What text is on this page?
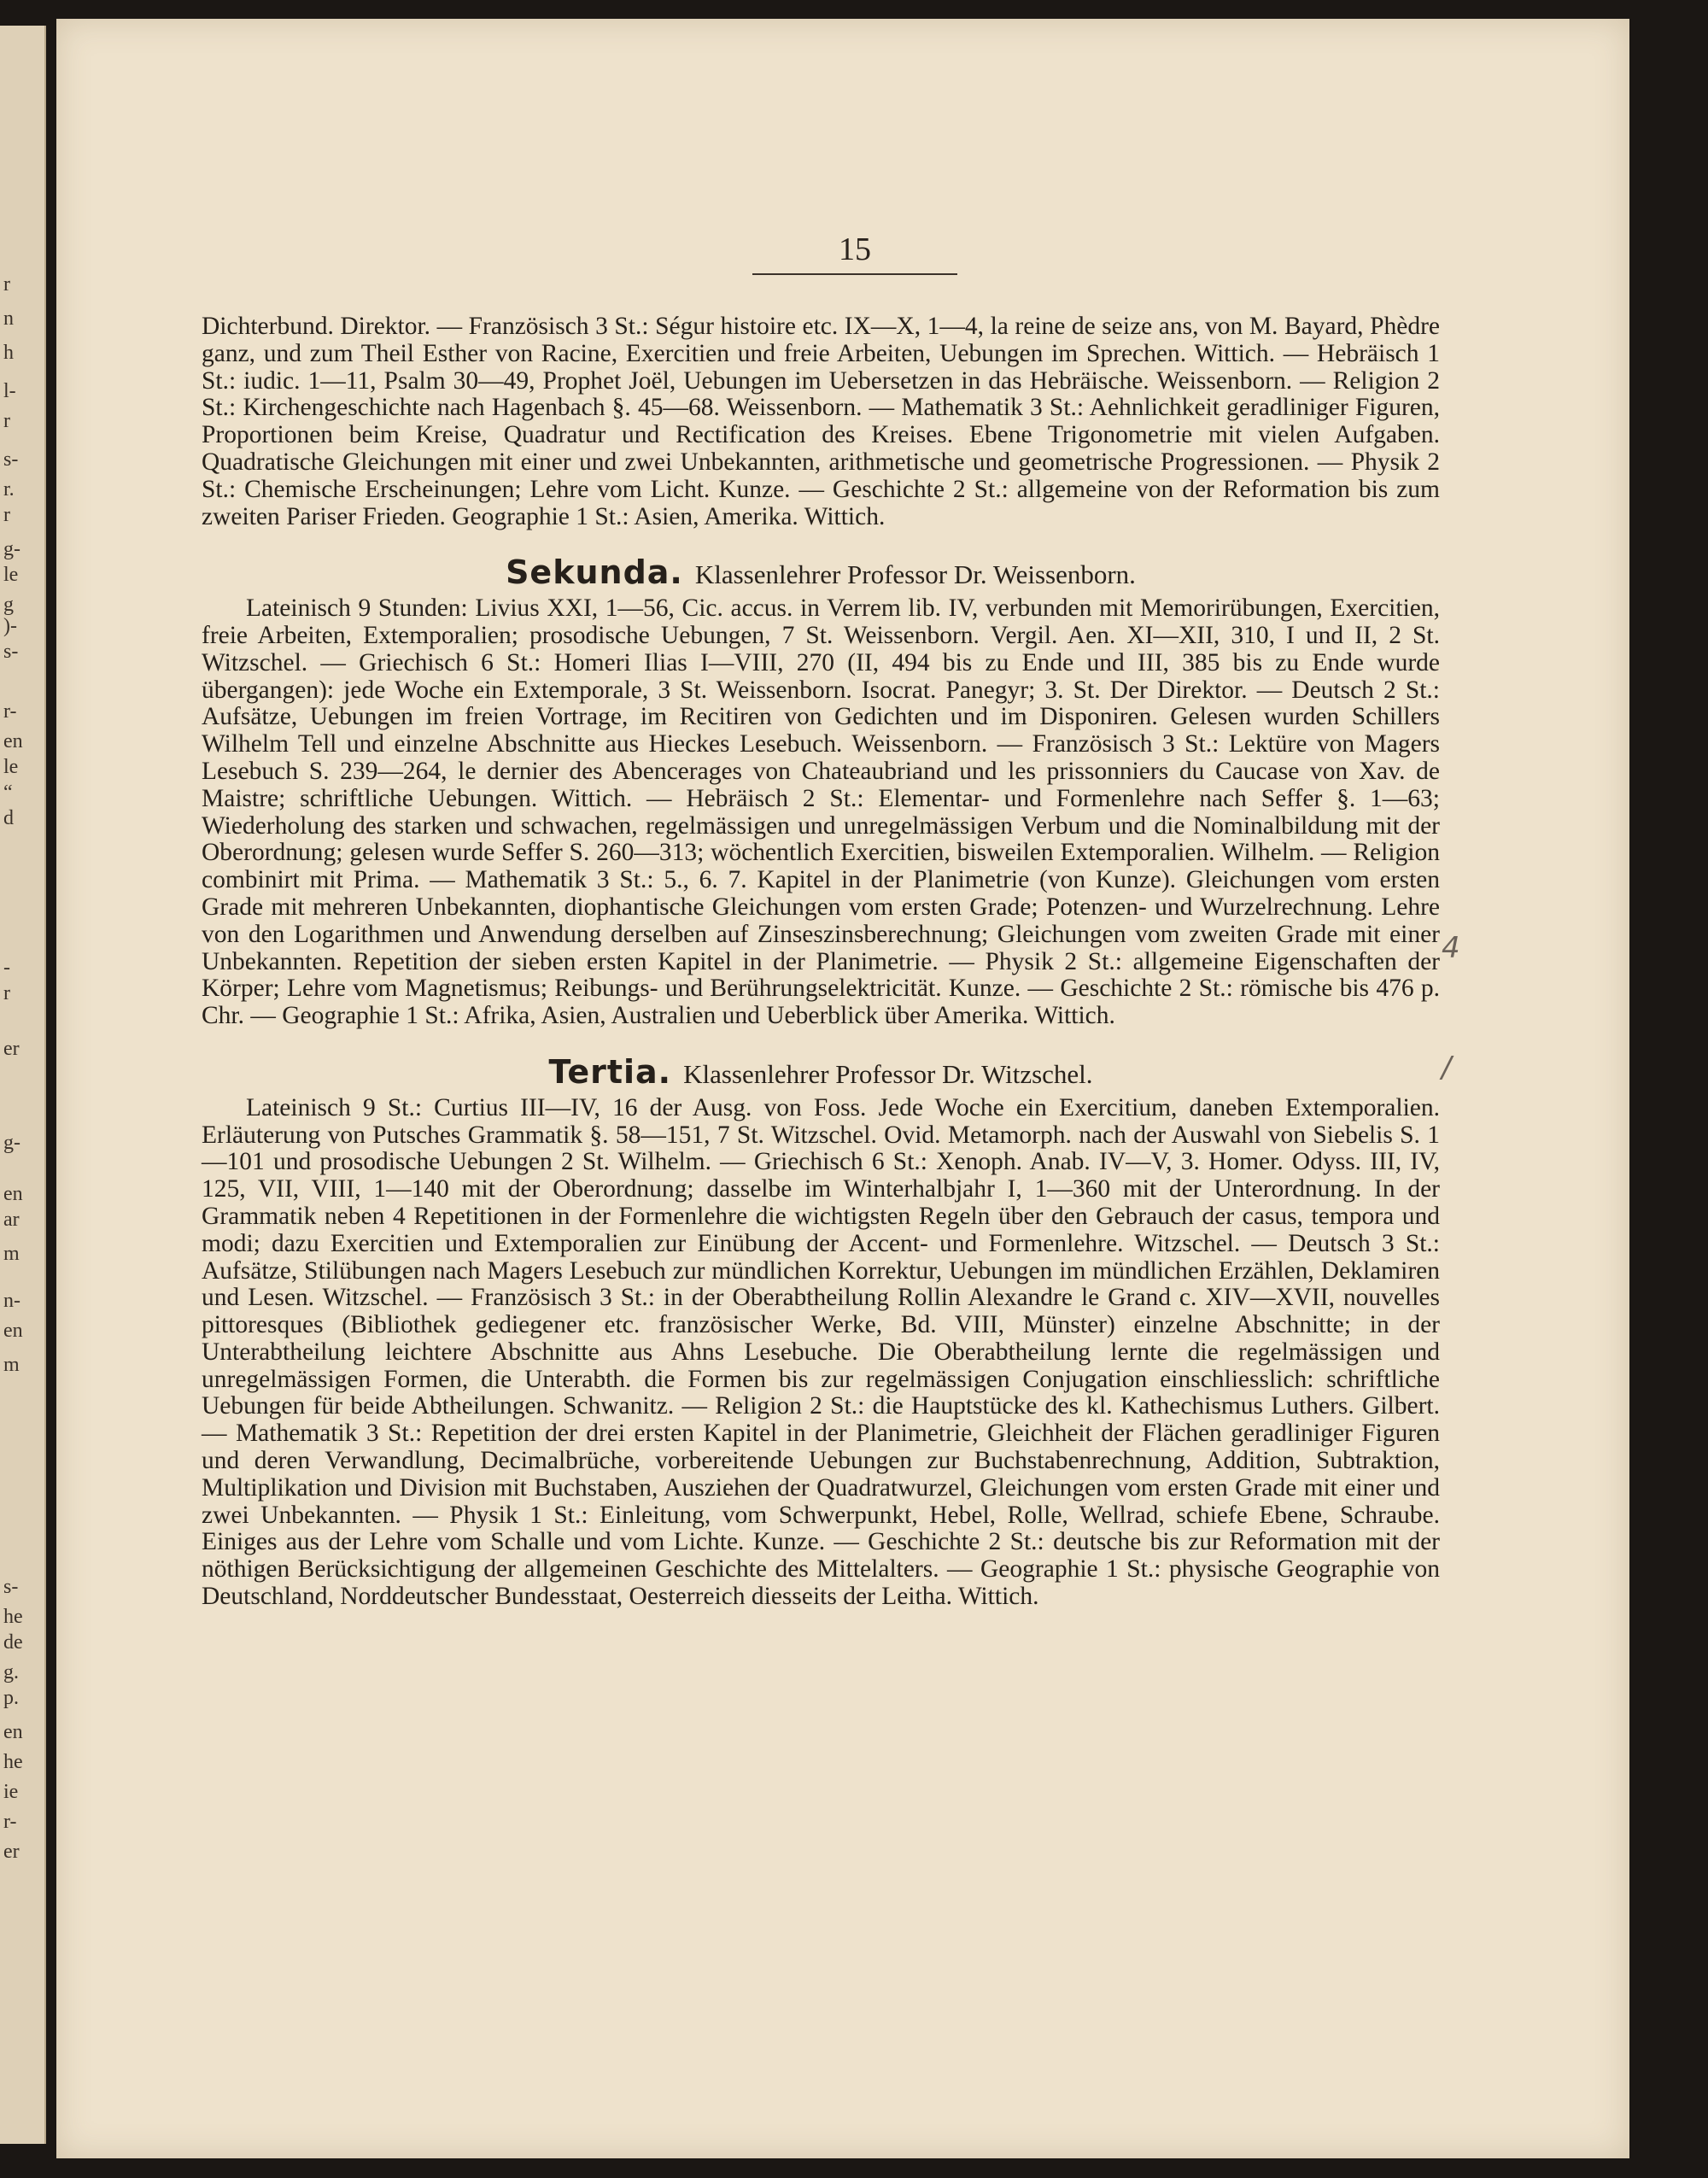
r
n
h
l-
r
s-
r.
r
g-
le
g
)-
s-
r-
en
le
“
d
-
r
er
g-
en
ar
m
n-
en
m
s-
he
de
g.
p.
en
he
ie
r-
er
15
4
/

Dichterbund. Direktor. — Französisch 3 St.: Ségur histoire etc. IX—X, 1—4, la reine de seize ans, von M. Bayard, Phèdre ganz, und zum Theil Esther von Racine, Exercitien und freie Arbeiten, Uebungen im Sprechen. Wittich. — Hebräisch 1 St.: iudic. 1—11, Psalm 30—49, Prophet Joël, Uebungen im Uebersetzen in das Hebräische. Weissenborn. — Religion 2 St.: Kirchengeschichte nach Hagenbach §. 45—68. Weissenborn. — Mathematik 3 St.: Aehnlichkeit geradliniger Figuren, Proportionen beim Kreise, Quadratur und Rectification des Kreises. Ebene Trigonometrie mit vielen Aufgaben. Quadratische Gleichungen mit einer und zwei Unbekannten, arithmetische und geometrische Progressionen. — Physik 2 St.: Chemische Erscheinungen; Lehre vom Licht. Kunze. — Geschichte 2 St.: allgemeine von der Reformation bis zum zweiten Pariser Frieden. Geographie 1 St.: Asien, Amerika. Wittich.

Sekunda. Klassenlehrer Professor Dr. Weissenborn.

Lateinisch 9 Stunden: Livius XXI, 1—56, Cic. accus. in Verrem lib. IV, verbunden mit Memorirübungen, Exercitien, freie Arbeiten, Extemporalien; prosodische Uebungen, 7 St. Weissenborn. Vergil. Aen. XI—XII, 310, I und II, 2 St. Witzschel. — Griechisch 6 St.: Homeri Ilias I—VIII, 270 (II, 494 bis zu Ende und III, 385 bis zu Ende wurde übergangen): jede Woche ein Extemporale, 3 St. Weissenborn. Isocrat. Panegyr; 3. St. Der Direktor. — Deutsch 2 St.: Aufsätze, Uebungen im freien Vortrage, im Recitiren von Gedichten und im Disponiren. Gelesen wurden Schillers Wilhelm Tell und einzelne Abschnitte aus Hieckes Lesebuch. Weissenborn. — Französisch 3 St.: Lektüre von Magers Lesebuch S. 239—264, le dernier des Abencerages von Chateaubriand und les prissonniers du Caucase von Xav. de Maistre; schriftliche Uebungen. Wittich. — Hebräisch 2 St.: Elementar- und Formenlehre nach Seffer §. 1—63; Wiederholung des starken und schwachen, regelmässigen und unregelmässigen Verbum und die Nominalbildung mit der Oberordnung; gelesen wurde Seffer S. 260—313; wöchentlich Exercitien, bisweilen Extemporalien. Wilhelm. — Religion combinirt mit Prima. — Mathematik 3 St.: 5., 6. 7. Kapitel in der Planimetrie (von Kunze). Gleichungen vom ersten Grade mit mehreren Unbekannten, diophantische Gleichungen vom ersten Grade; Potenzen- und Wurzelrechnung. Lehre von den Logarithmen und Anwendung derselben auf Zinseszinsberechnung; Gleichungen vom zweiten Grade mit einer Unbekannten. Repetition der sieben ersten Kapitel in der Planimetrie. — Physik 2 St.: allgemeine Eigenschaften der Körper; Lehre vom Magnetismus; Reibungs- und Berührungselektricität. Kunze. — Geschichte 2 St.: römische bis 476 p. Chr. — Geographie 1 St.: Afrika, Asien, Australien und Ueberblick über Amerika. Wittich.

Tertia. Klassenlehrer Professor Dr. Witzschel.

Lateinisch 9 St.: Curtius III—IV, 16 der Ausg. von Foss. Jede Woche ein Exercitium, daneben Extemporalien. Erläuterung von Putsches Grammatik §. 58—151, 7 St. Witzschel. Ovid. Metamorph. nach der Auswahl von Siebelis S. 1—101 und prosodische Uebungen 2 St. Wilhelm. — Griechisch 6 St.: Xenoph. Anab. IV—V, 3. Homer. Odyss. III, IV, 125, VII, VIII, 1—140 mit der Oberordnung; dasselbe im Winterhalbjahr I, 1—360 mit der Unterordnung. In der Grammatik neben 4 Repetitionen in der Formenlehre die wichtigsten Regeln über den Gebrauch der casus, tempora und modi; dazu Exercitien und Extemporalien zur Einübung der Accent- und Formenlehre. Witzschel. — Deutsch 3 St.: Aufsätze, Stilübungen nach Magers Lesebuch zur mündlichen Korrektur, Uebungen im mündlichen Erzählen, Deklamiren und Lesen. Witzschel. — Französisch 3 St.: in der Oberabtheilung Rollin Alexandre le Grand c. XIV—XVII, nouvelles pittoresques (Bibliothek gediegener etc. französischer Werke, Bd. VIII, Münster) einzelne Abschnitte; in der Unterabtheilung leichtere Abschnitte aus Ahns Lesebuche. Die Oberabtheilung lernte die regelmässigen und unregelmässigen Formen, die Unterabth. die Formen bis zur regelmässigen Conjugation einschliesslich: schriftliche Uebungen für beide Abtheilungen. Schwanitz. — Religion 2 St.: die Hauptstücke des kl. Kathechismus Luthers. Gilbert. — Mathematik 3 St.: Repetition der drei ersten Kapitel in der Planimetrie, Gleichheit der Flächen geradliniger Figuren und deren Verwandlung, Decimalbrüche, vorbereitende Uebungen zur Buchstabenrechnung, Addition, Subtraktion, Multiplikation und Division mit Buchstaben, Ausziehen der Quadratwurzel, Gleichungen vom ersten Grade mit einer und zwei Unbekannten. — Physik 1 St.: Einleitung, vom Schwerpunkt, Hebel, Rolle, Wellrad, schiefe Ebene, Schraube. Einiges aus der Lehre vom Schalle und vom Lichte. Kunze. — Geschichte 2 St.: deutsche bis zur Reformation mit der nöthigen Berücksichtigung der allgemeinen Geschichte des Mittelalters. — Geographie 1 St.: physische Geographie von Deutschland, Norddeutscher Bundesstaat, Oesterreich diesseits der Leitha. Wittich.
